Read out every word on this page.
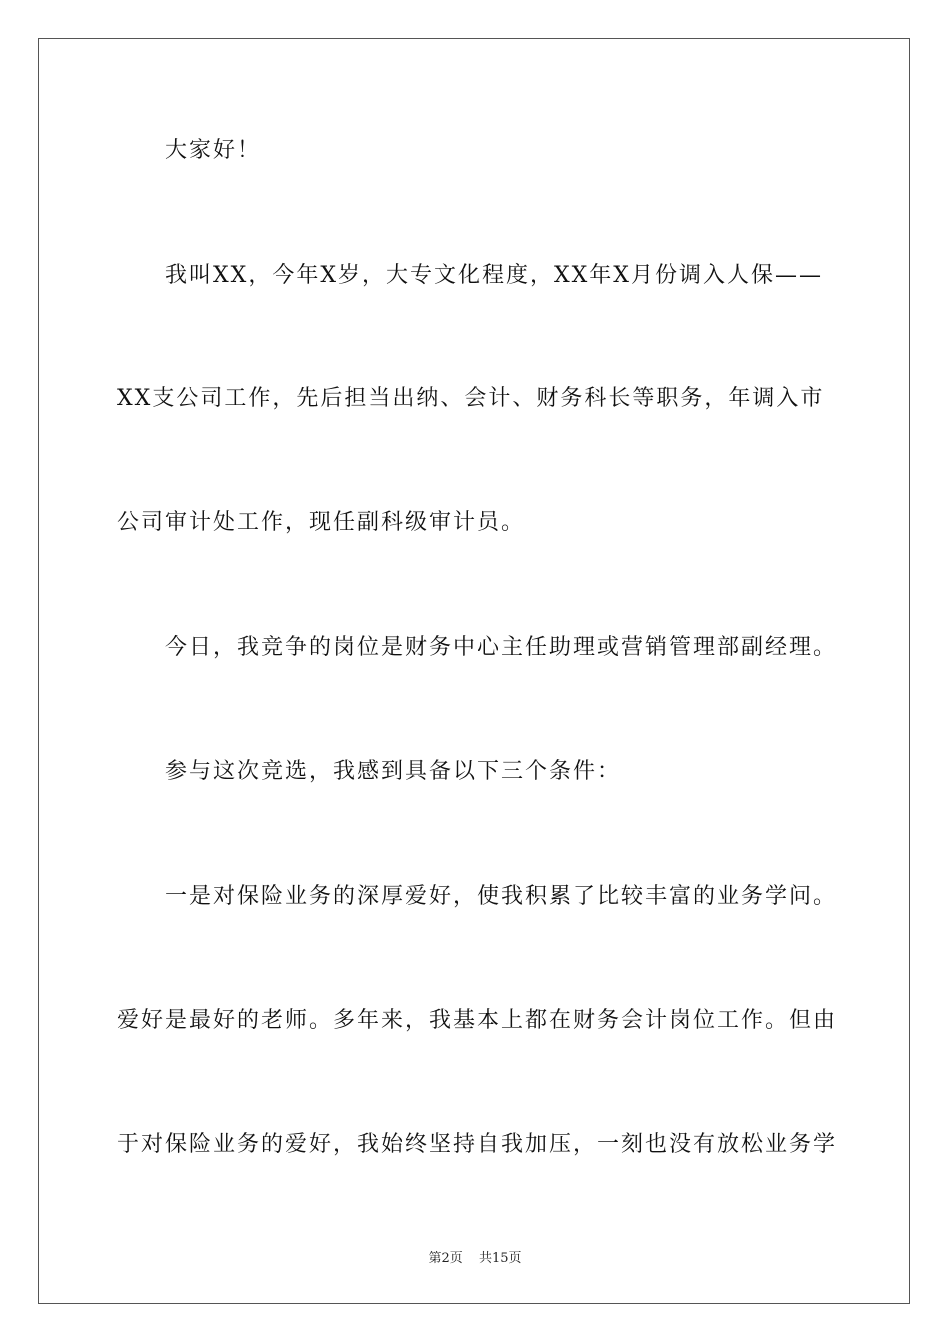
大家好！
我叫XX，今年X岁，大专文化程度，XX年X月份调入人保——
XX支公司工作，先后担当出纳、会计、财务科长等职务，年调入市
公司审计处工作，现任副科级审计员。
今日，我竞争的岗位是财务中心主任助理或营销管理部副经理。
参与这次竞选，我感到具备以下三个条件：
一是对保险业务的深厚爱好，使我积累了比较丰富的业务学问。
爱好是最好的老师。多年来，我基本上都在财务会计岗位工作。但由
于对保险业务的爱好，我始终坚持自我加压，一刻也没有放松业务学
第2页 共15页
